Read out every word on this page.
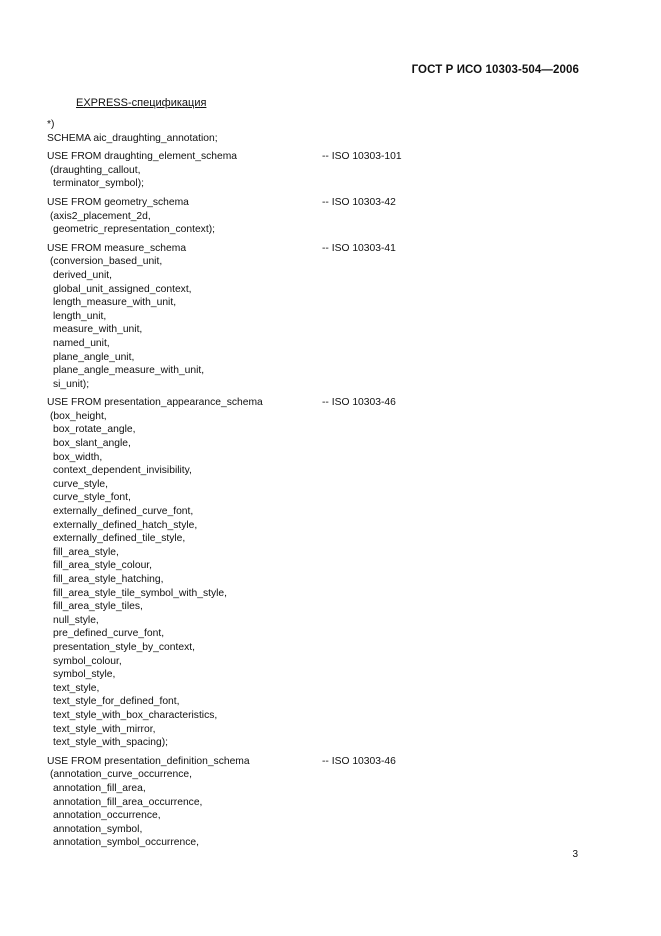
ГОСТ Р ИСО 10303-504—2006
EXPRESS-спецификация
*)
SCHEMA aic_draughting_annotation;
USE FROM draughting_element_schema	-- ISO 10303-101
(draughting_callout,
terminator_symbol);
USE FROM geometry_schema	-- ISO 10303-42
(axis2_placement_2d,
geometric_representation_context);
USE FROM measure_schema	-- ISO 10303-41
(conversion_based_unit,
derived_unit,
global_unit_assigned_context,
length_measure_with_unit,
length_unit,
measure_with_unit,
named_unit,
plane_angle_unit,
plane_angle_measure_with_unit,
si_unit);
USE FROM presentation_appearance_schema	-- ISO 10303-46
(box_height,
box_rotate_angle,
box_slant_angle,
box_width,
context_dependent_invisibility,
curve_style,
curve_style_font,
externally_defined_curve_font,
externally_defined_hatch_style,
externally_defined_tile_style,
fill_area_style,
fill_area_style_colour,
fill_area_style_hatching,
fill_area_style_tile_symbol_with_style,
fill_area_style_tiles,
null_style,
pre_defined_curve_font,
presentation_style_by_context,
symbol_colour,
symbol_style,
text_style,
text_style_for_defined_font,
text_style_with_box_characteristics,
text_style_with_mirror,
text_style_with_spacing);
USE FROM presentation_definition_schema	-- ISO 10303-46
(annotation_curve_occurrence,
annotation_fill_area,
annotation_fill_area_occurrence,
annotation_occurrence,
annotation_symbol,
annotation_symbol_occurrence,
3
